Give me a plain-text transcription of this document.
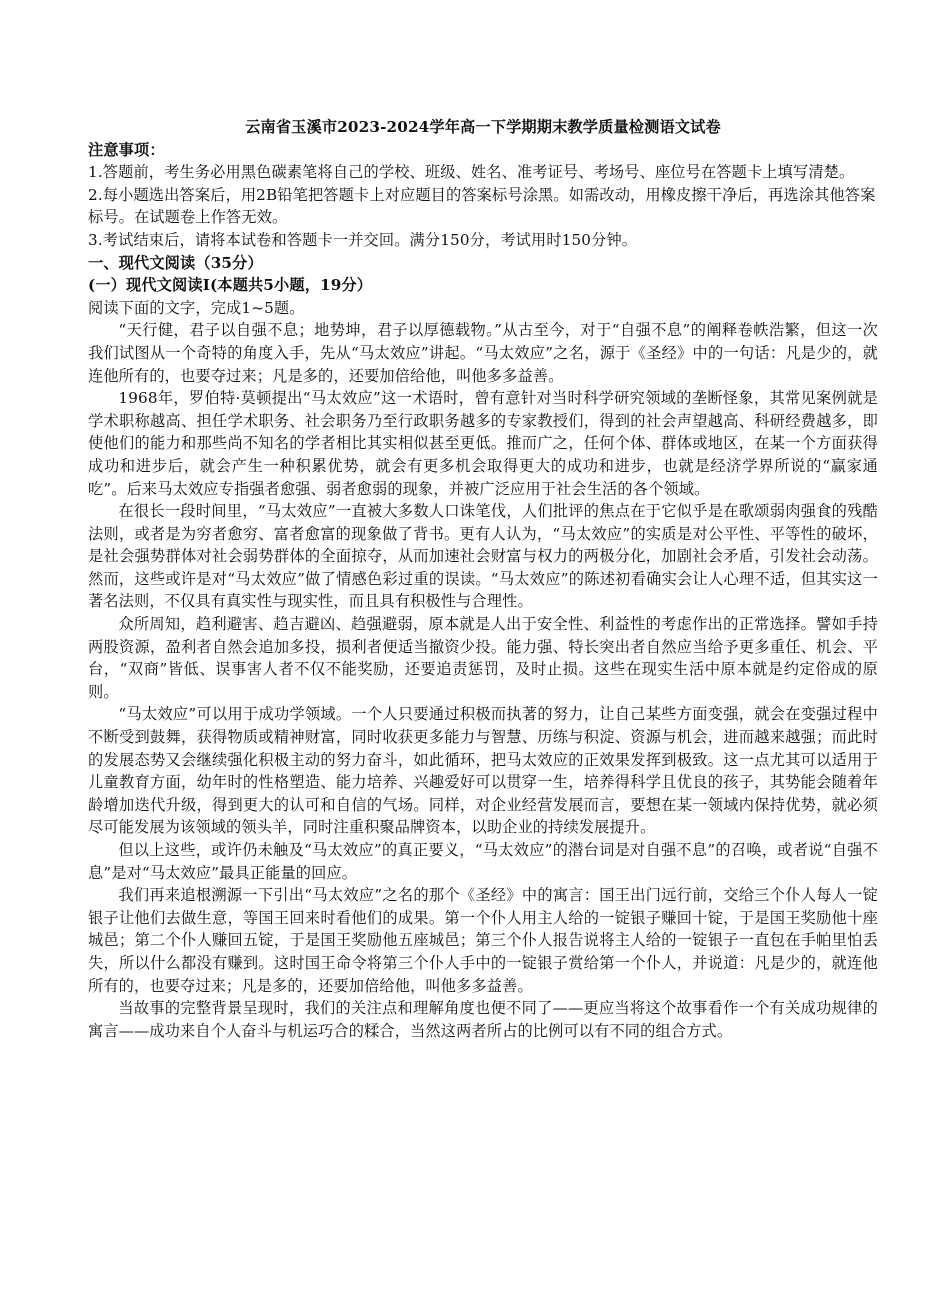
云南省玉溪市2023-2024学年高一下学期期末教学质量检测语文试卷

注意事项：

1.答题前，考生务必用黑色碳素笔将自己的学校、班级、姓名、准考证号、考场号、座位号在答题卡上填写清楚。

2.每小题选出答案后，用2B铅笔把答题卡上对应题目的答案标号涂黑。如需改动，用橡皮擦干净后，再选涂其他答案标号。在试题卷上作答无效。

3.考试结束后，请将本试卷和答题卡一并交回。满分150分，考试用时150分钟。

一、现代文阅读（35分）

(一）现代文阅读Ⅰ(本题共5小题，19分）

阅读下面的文字，完成1~5题。

“天行健，君子以自强不息；地势坤，君子以厚德载物。”从古至今，对于“自强不息”的阐释卷帙浩繁，但这一次我们试图从一个奇特的角度入手，先从“马太效应”讲起。“马太效应”之名，源于《圣经》中的一句话：凡是少的，就连他所有的，也要夺过来；凡是多的，还要加倍给他，叫他多多益善。

1968年，罗伯特·莫顿提出“马太效应”这一术语时，曾有意针对当时科学研究领域的垄断怪象，其常见案例就是学术职称越高、担任学术职务、社会职务乃至行政职务越多的专家教授们，得到的社会声望越高、科研经费越多，即使他们的能力和那些尚不知名的学者相比其实相似甚至更低。推而广之，任何个体、群体或地区，在某一个方面获得成功和进步后，就会产生一种积累优势，就会有更多机会取得更大的成功和进步，也就是经济学界所说的“赢家通吃”。后来马太效应专指强者愈强、弱者愈弱的现象，并被广泛应用于社会生活的各个领域。

在很长一段时间里，“马太效应”一直被大多数人口诛笔伐，人们批评的焦点在于它似乎是在歌颂弱肉强食的残酷法则，或者是为穷者愈穷、富者愈富的现象做了背书。更有人认为，“马太效应”的实质是对公平性、平等性的破坏，是社会强势群体对社会弱势群体的全面掠夺，从而加速社会财富与权力的两极分化，加剧社会矛盾，引发社会动荡。然而，这些或许是对“马太效应”做了情感色彩过重的误读。“马太效应”的陈述初看确实会让人心理不适，但其实这一著名法则，不仅具有真实性与现实性，而且具有积极性与合理性。

众所周知，趋利避害、趋吉避凶、趋强避弱，原本就是人出于安全性、利益性的考虑作出的正常选择。譬如手持两股资源，盈利者自然会追加多投，损利者便适当撤资少投。能力强、特长突出者自然应当给予更多重任、机会、平台，“双商”皆低、误事害人者不仅不能奖励，还要追责惩罚，及时止损。这些在现实生活中原本就是约定俗成的原则。

“马太效应”可以用于成功学领域。一个人只要通过积极而执著的努力，让自己某些方面变强，就会在变强过程中不断受到鼓舞，获得物质或精神财富，同时收获更多能力与智慧、历练与积淀、资源与机会，进而越来越强；而此时的发展态势又会继续强化积极主动的努力奋斗，如此循环，把马太效应的正效果发挥到极致。这一点尤其可以适用于儿童教育方面，幼年时的性格塑造、能力培养、兴趣爱好可以贯穿一生，培养得科学且优良的孩子，其势能会随着年龄增加迭代升级，得到更大的认可和自信的气场。同样，对企业经营发展而言，要想在某一领域内保持优势，就必须尽可能发展为该领域的领头羊，同时注重积聚品牌资本，以助企业的持续发展提升。

但以上这些，或许仍未触及“马太效应”的真正要义，“马太效应”的潜台词是对自强不息”的召唤，或者说“自强不息”是对“马太效应”最具正能量的回应。

我们再来追根溯源一下引出“马太效应”之名的那个《圣经》中的寓言：国王出门远行前，交给三个仆人每人一锭银子让他们去做生意，等国王回来时看他们的成果。第一个仆人用主人给的一锭银子赚回十锭，于是国王奖励他十座城邑；第二个仆人赚回五锭，于是国王奖励他五座城邑；第三个仆人报告说将主人给的一锭银子一直包在手帕里怕丢失，所以什么都没有赚到。这时国王命令将第三个仆人手中的一锭银子赏给第一个仆人，并说道：凡是少的，就连他所有的，也要夺过来；凡是多的，还要加倍给他，叫他多多益善。

当故事的完整背景呈现时，我们的关注点和理解角度也便不同了——更应当将这个故事看作一个有关成功规律的寓言——成功来自个人奋斗与机运巧合的糅合，当然这两者所占的比例可以有不同的组合方式。
